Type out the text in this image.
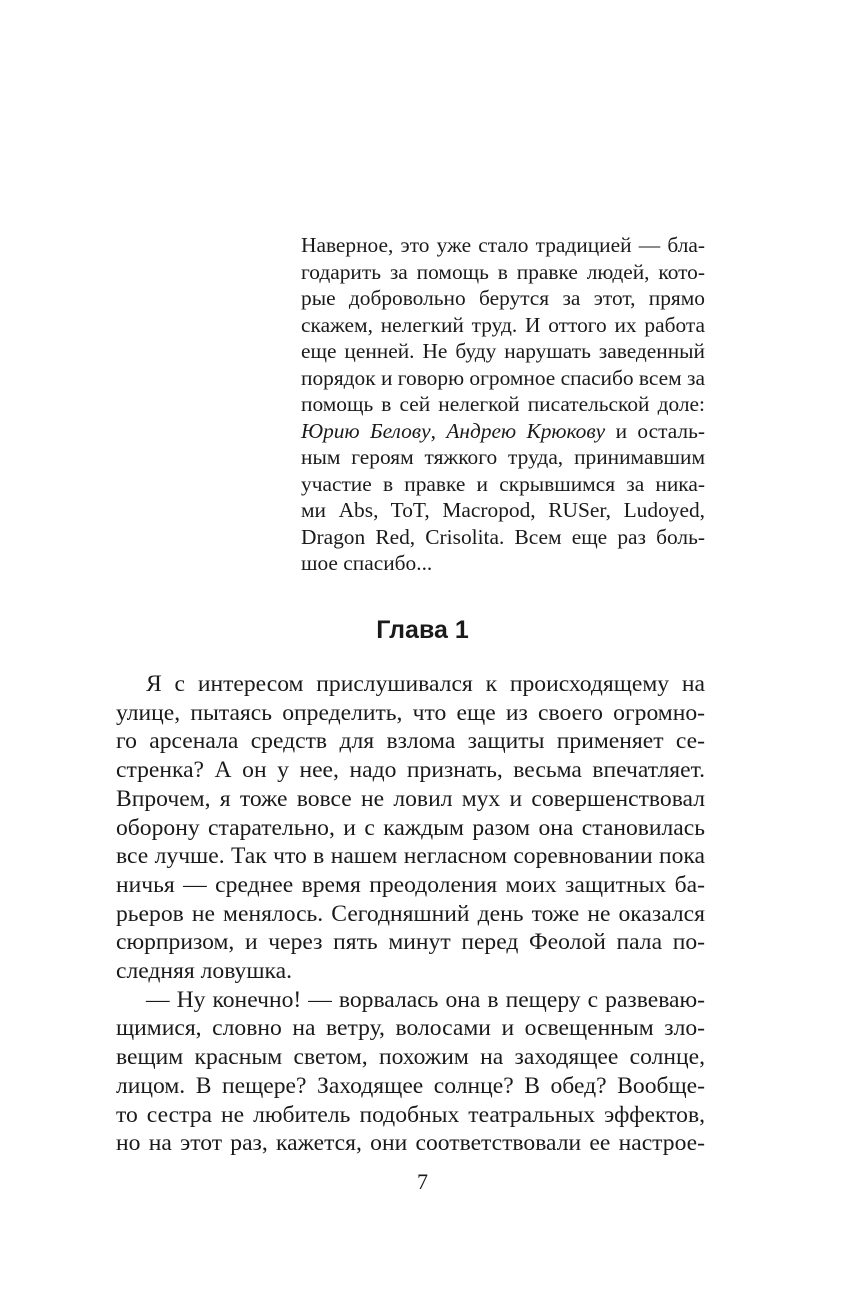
Наверное, это уже стало традицией — бла-
годарить за помощь в правке людей, кото-
рые добровольно берутся за этот, прямо
скажем, нелегкий труд. И оттого их работа
еще ценней. Не буду нарушать заведенный
порядок и говорю огромное спасибо всем за
помощь в сей нелегкой писательской доле:
Юрию Белову, Андрею Крюкову и осталь-
ным героям тяжкого труда, принимавшим
участие в правке и скрывшимся за ника-
ми Abs, ToT, Macropod, RUSer, Ludoyed,
Dragon Red, Crisolita. Всем еще раз боль-
шое спасибо...
Глава 1
Я с интересом прислушивался к происходящему на
улице, пытаясь определить, что еще из своего огромно-
го арсенала средств для взлома защиты применяет се-
стренка? А он у нее, надо признать, весьма впечатляет.
Впрочем, я тоже вовсе не ловил мух и совершенствовал
оборону старательно, и с каждым разом она становилась
все лучше. Так что в нашем негласном соревновании пока
ничья — среднее время преодоления моих защитных ба-
рьеров не менялось. Сегодняшний день тоже не оказался
сюрпризом, и через пять минут перед Феолой пала по-
следняя ловушка.
— Ну конечно! — ворвалась она в пещеру с развеваю-
щимися, словно на ветру, волосами и освещенным зло-
вещим красным светом, похожим на заходящее солнце,
лицом. В пещере? Заходящее солнце? В обед? Вообще-
то сестра не любитель подобных театральных эффектов,
но на этот раз, кажется, они соответствовали ее настрое-
7
